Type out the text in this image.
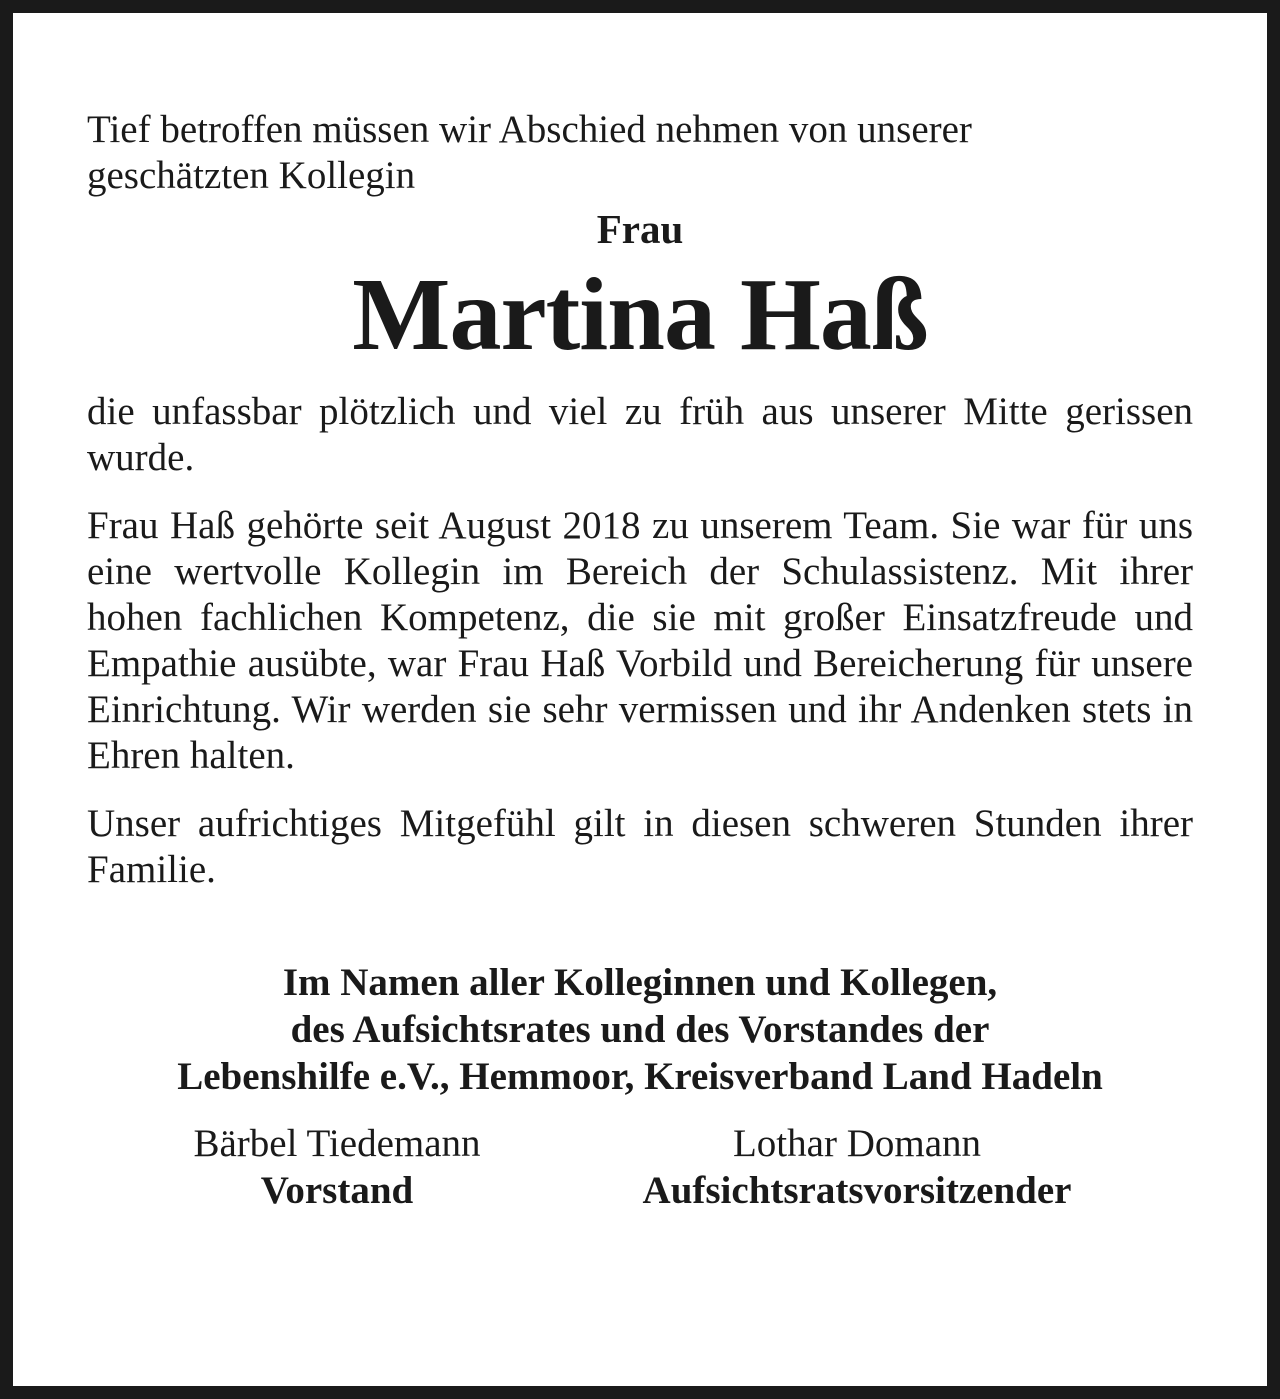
Tief betroffen müssen wir Abschied nehmen von unserer
geschätzten Kollegin

Frau
Martina Haß

die unfassbar plötzlich und viel zu früh aus unserer Mitte gerissen wurde.

Frau Haß gehörte seit August 2018 zu unserem Team. Sie war für uns eine wertvolle Kollegin im Bereich der Schulassistenz. Mit ihrer hohen fachlichen Kompetenz, die sie mit großer Einsatzfreude und Empathie ausübte, war Frau Haß Vorbild und Bereicherung für unsere Einrichtung. Wir werden sie sehr vermissen und ihr Andenken stets in Ehren halten.

Unser aufrichtiges Mitgefühl gilt in diesen schweren Stunden ihrer Familie.

Im Namen aller Kolleginnen und Kollegen,
des Aufsichtsrates und des Vorstandes der
Lebenshilfe e.V., Hemmoor, Kreisverband Land Hadeln
Bärbel Tiedemann
Vorstand
Lothar Domann
Aufsichtsratsvorsitzender
